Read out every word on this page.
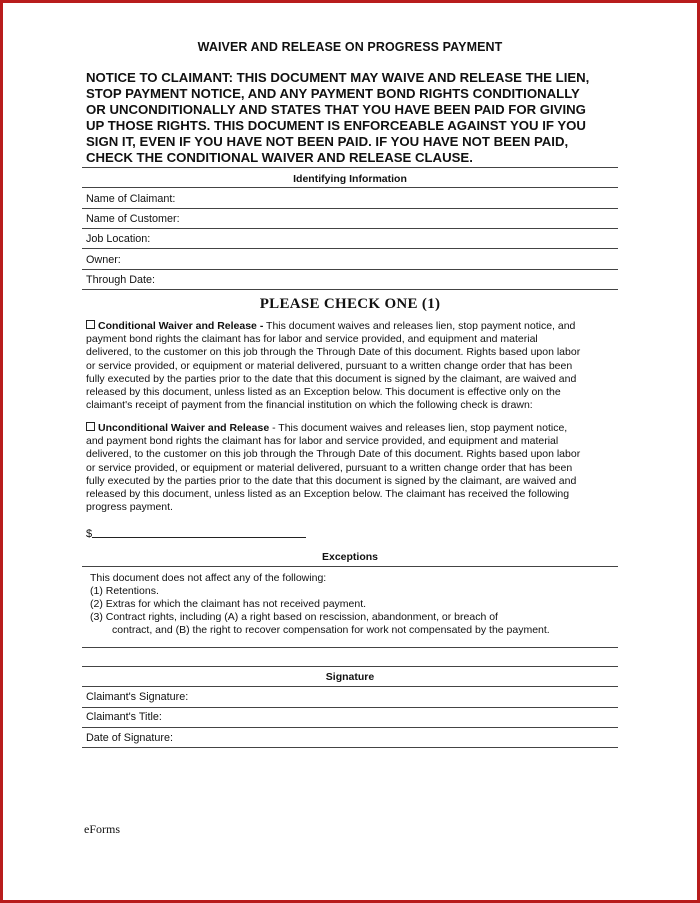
WAIVER AND RELEASE ON PROGRESS PAYMENT
NOTICE TO CLAIMANT: THIS DOCUMENT MAY WAIVE AND RELEASE THE LIEN,
STOP PAYMENT NOTICE, AND ANY PAYMENT BOND RIGHTS CONDITIONALLY
OR UNCONDITIONALLY AND STATES THAT YOU HAVE BEEN PAID FOR GIVING
UP THOSE RIGHTS. THIS DOCUMENT IS ENFORCEABLE AGAINST YOU IF YOU
SIGN IT, EVEN IF YOU HAVE NOT BEEN PAID. IF YOU HAVE NOT BEEN PAID,
CHECK THE CONDITIONAL WAIVER AND RELEASE CLAUSE.
Identifying Information
Name of Claimant:
Name of Customer:
Job Location:
Owner:
Through Date:
PLEASE CHECK ONE (1)
Conditional Waiver and Release - This document waives and releases lien, stop payment notice, and
payment bond rights the claimant has for labor and service provided, and equipment and material
delivered, to the customer on this job through the Through Date of this document. Rights based upon labor
or service provided, or equipment or material delivered, pursuant to a written change order that has been
fully executed by the parties prior to the date that this document is signed by the claimant, are waived and
released by this document, unless listed as an Exception below. This document is effective only on the
claimant's receipt of payment from the financial institution on which the following check is drawn:
Unconditional Waiver and Release - This document waives and releases lien, stop payment notice,
and payment bond rights the claimant has for labor and service provided, and equipment and material
delivered, to the customer on this job through the Through Date of this document. Rights based upon labor
or service provided, or equipment or material delivered, pursuant to a written change order that has been
fully executed by the parties prior to the date that this document is signed by the claimant, are waived and
released by this document, unless listed as an Exception below. The claimant has received the following
progress payment.
$
Exceptions
This document does not affect any of the following:
(1) Retentions.
(2) Extras for which the claimant has not received payment.
(3) Contract rights, including (A) a right based on rescission, abandonment, or breach of
contract, and (B) the right to recover compensation for work not compensated by the payment.
Signature
Claimant's Signature:
Claimant's Title:
Date of Signature:
eForms
